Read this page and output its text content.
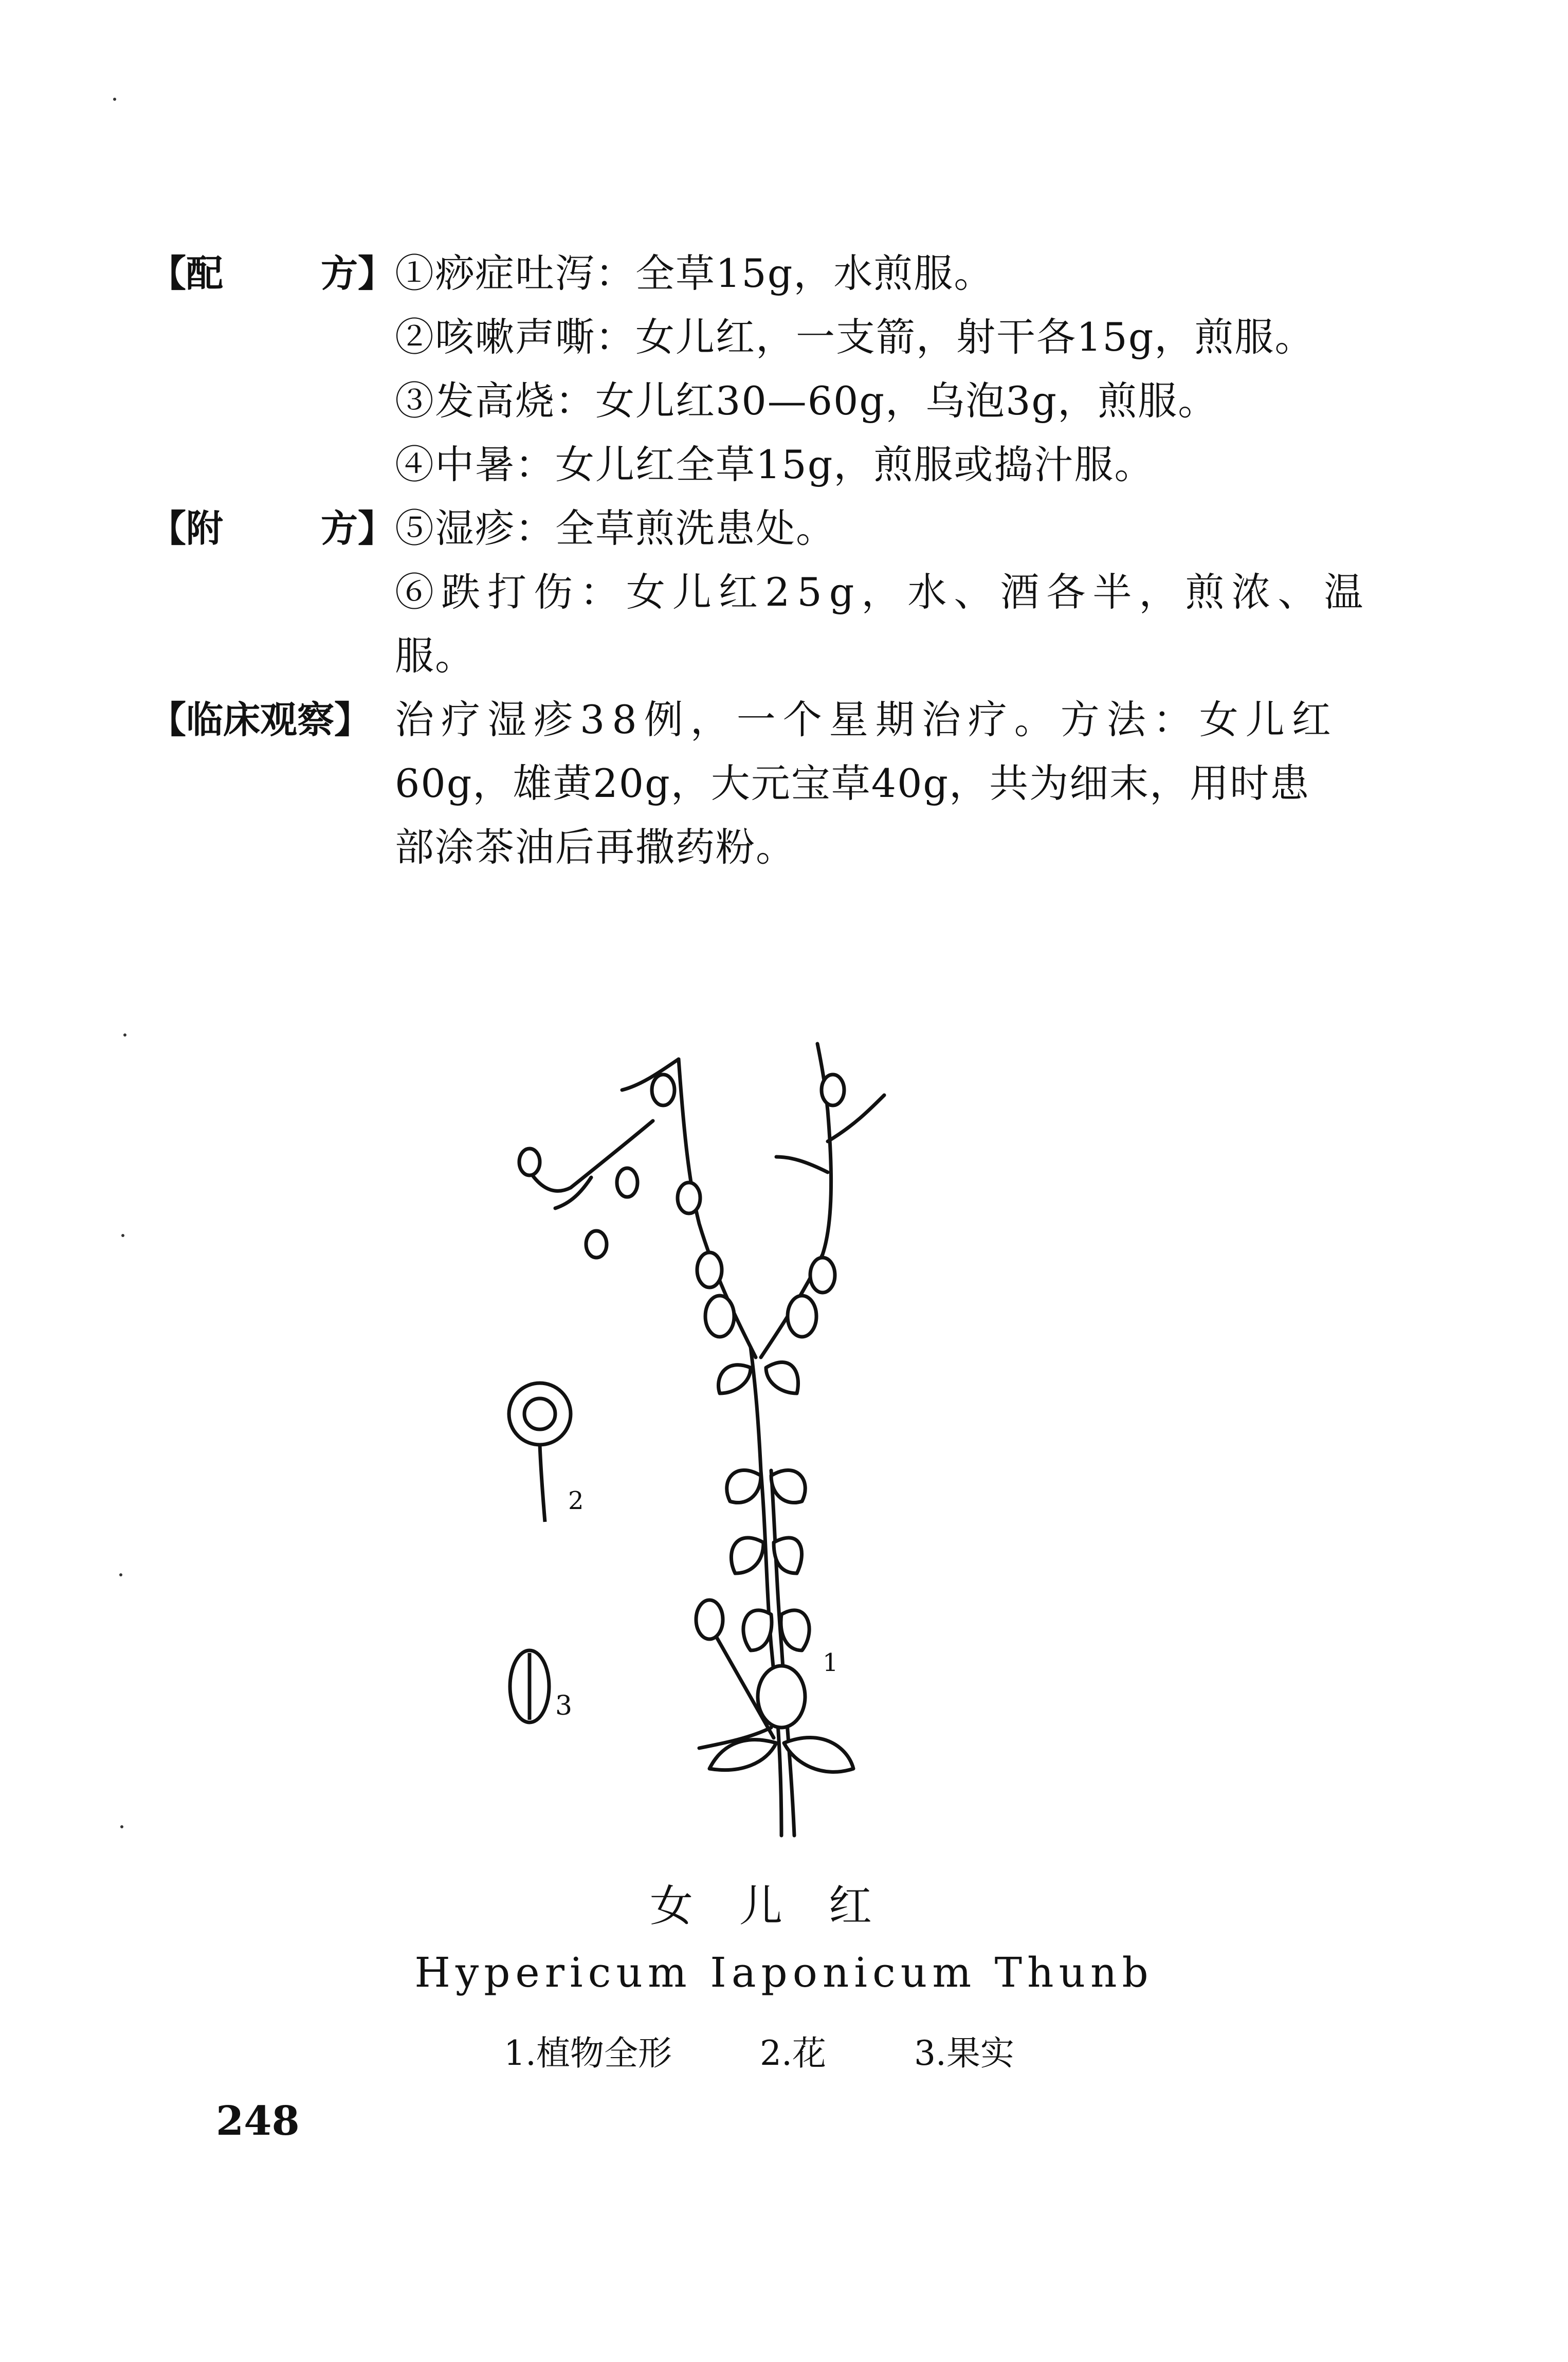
【配	方】 ①痧症吐泻：全草15g，水煎服。
②咳嗽声嘶：女儿红，一支箭，射干各15g，煎服。
③发高烧：女儿红30—60g，乌泡3g，煎服。
④中暑：女儿红全草15g，煎服或捣汁服。
【附	方】 ⑤湿疹：全草煎洗患处。
⑥跌打伤：女儿红25g，水、酒各半，煎浓、温
服。
【临床观察】 治疗湿疹38例，一个星期治疗。方法：女儿红
60g，雄黄20g，大元宝草40g，共为细末，用时患
部涂茶油后再撒药粉。
2
3
1
女儿红
Hypericum Iaponicum Thunb
1.植物全形	2.花	3.果实
248
